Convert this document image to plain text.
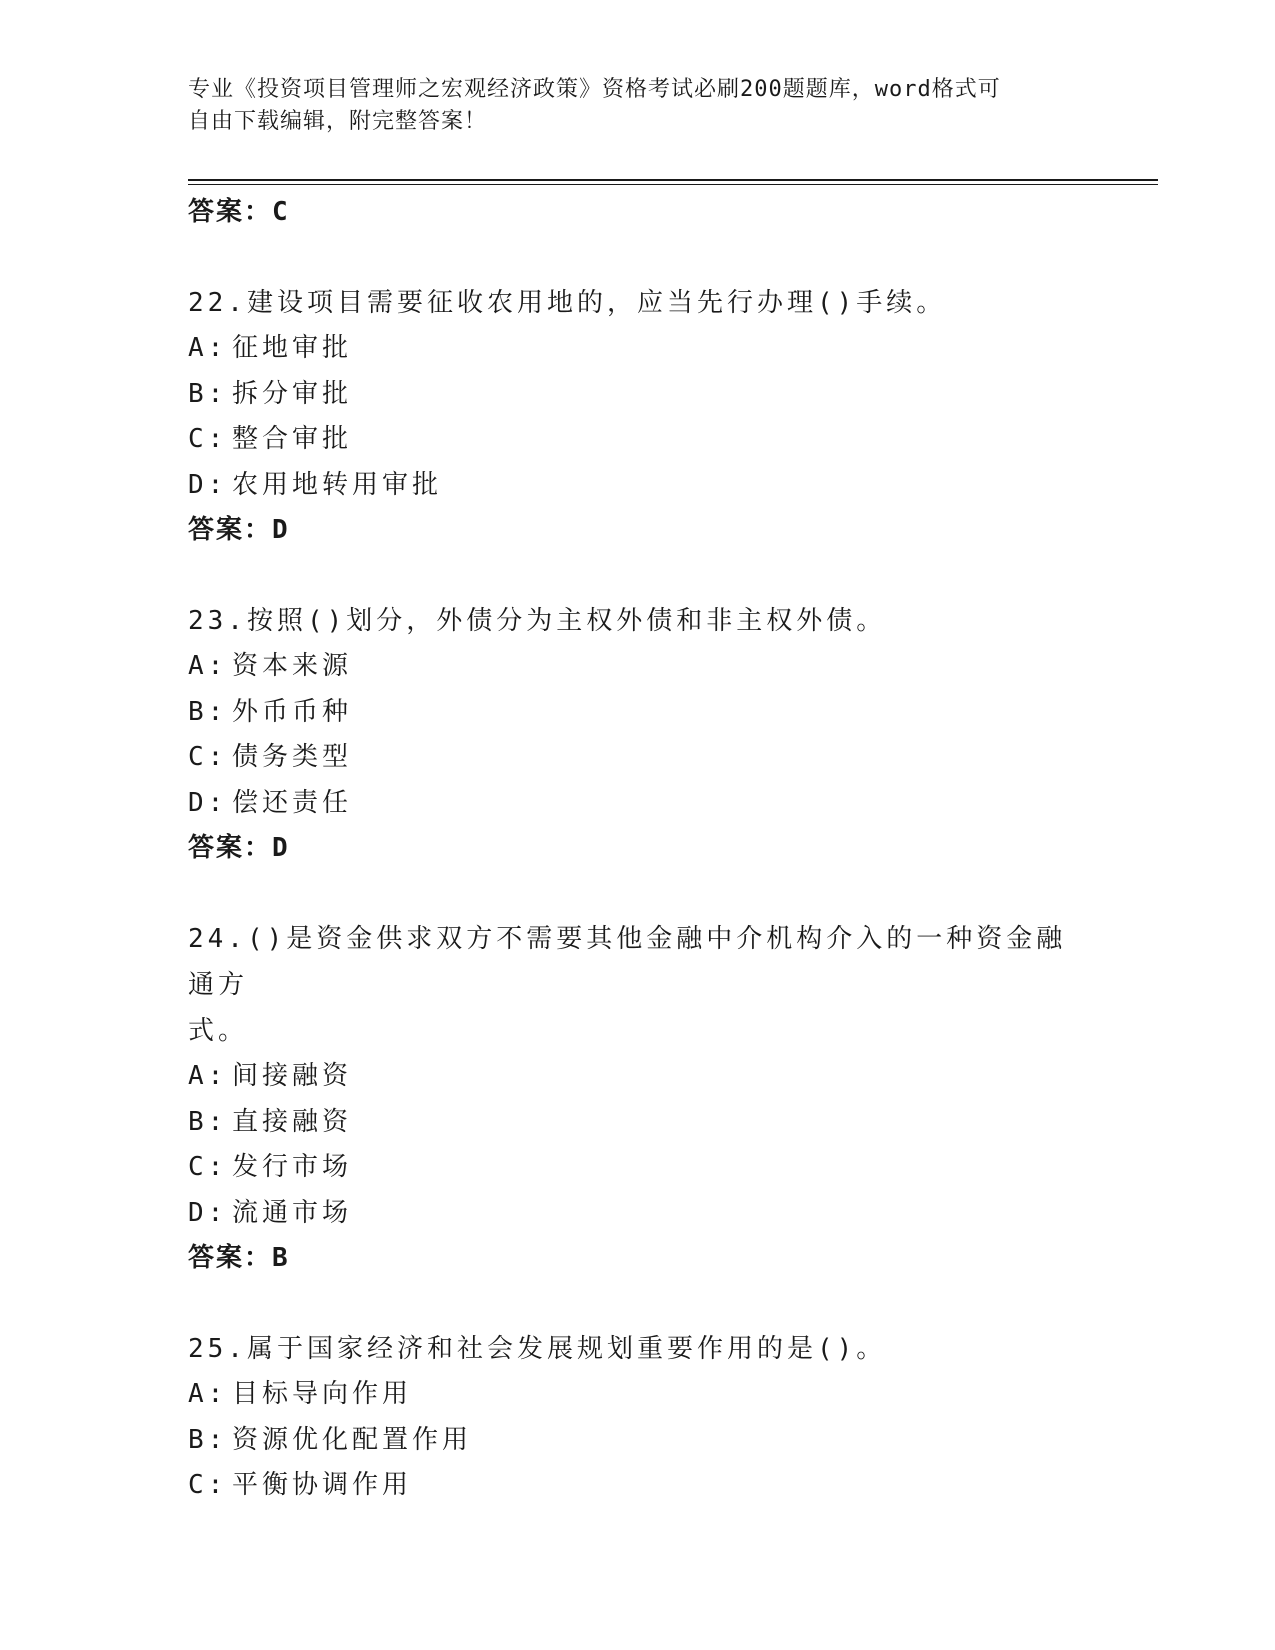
专业《投资项目管理师之宏观经济政策》资格考试必刷200题题库，word格式可
自由下载编辑，附完整答案！

答案：C

22.建设项目需要征收农用地的，应当先行办理()手续。

A: 征地审批

B: 拆分审批

C: 整合审批

D: 农用地转用审批

答案：D

23.按照()划分，外债分为主权外债和非主权外债。

A: 资本来源

B: 外币币种

C: 债务类型

D: 偿还责任

答案：D

24.()是资金供求双方不需要其他金融中介机构介入的一种资金融通方

式。

A: 间接融资

B: 直接融资

C: 发行市场

D: 流通市场

答案：B

25.属于国家经济和社会发展规划重要作用的是()。

A: 目标导向作用

B: 资源优化配置作用

C: 平衡协调作用
